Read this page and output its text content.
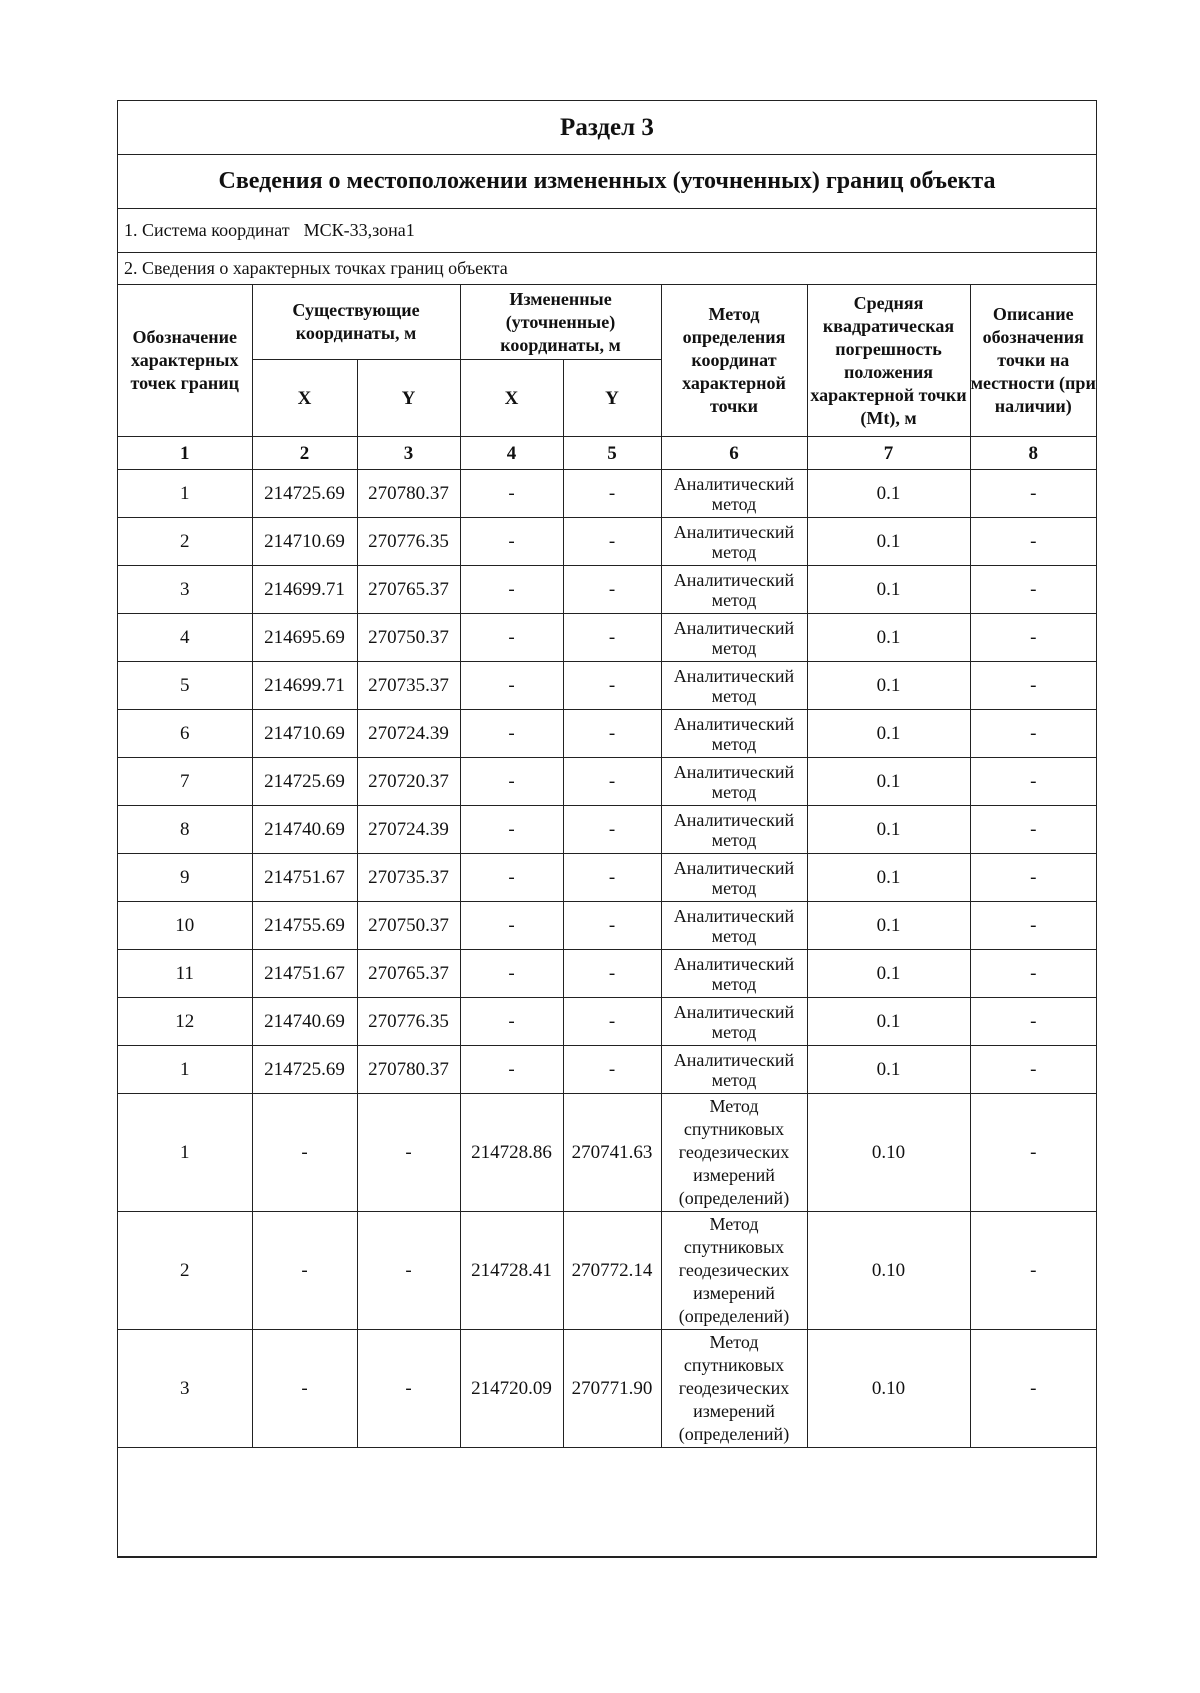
Раздел 3
Сведения о местоположении измененных (уточненных) границ объекта
1. Система координат МСК-33,зона1
2. Сведения о характерных точках границ объекта
Обозначение характерных точек границ	Существующие координаты, м		Измененные (уточненные) координаты, м		Метод определения координат характерной точки	Средняя квадратическая погрешность положения характерной точки (Mt), м	Описание обозначения точки на местности (при наличии)
	X	Y	X	Y			
1	2	3	4	5	6	7	8
1	214725.69	270780.37	-	-	Аналитический метод	0.1	-
2	214710.69	270776.35	-	-	Аналитический метод	0.1	-
3	214699.71	270765.37	-	-	Аналитический метод	0.1	-
4	214695.69	270750.37	-	-	Аналитический метод	0.1	-
5	214699.71	270735.37	-	-	Аналитический метод	0.1	-
6	214710.69	270724.39	-	-	Аналитический метод	0.1	-
7	214725.69	270720.37	-	-	Аналитический метод	0.1	-
8	214740.69	270724.39	-	-	Аналитический метод	0.1	-
9	214751.67	270735.37	-	-	Аналитический метод	0.1	-
10	214755.69	270750.37	-	-	Аналитический метод	0.1	-
11	214751.67	270765.37	-	-	Аналитический метод	0.1	-
12	214740.69	270776.35	-	-	Аналитический метод	0.1	-
1	214725.69	270780.37	-	-	Аналитический метод	0.1	-
1	-	-	214728.86	270741.63	Метод спутниковых геодезических измерений (определений)	0.10	-
2	-	-	214728.41	270772.14	Метод спутниковых геодезических измерений (определений)	0.10	-
3	-	-	214720.09	270771.90	Метод спутниковых геодезических измерений (определений)	0.10	-
